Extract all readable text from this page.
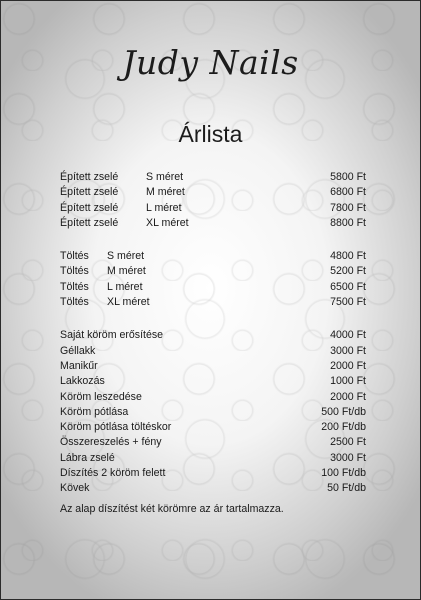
Judy Nails
Árlista
Épített zselé	S méret	5800 Ft
Épített zselé	M méret	6800 Ft
Épített zselé	L méret	7800 Ft
Épített zselé	XL méret	8800 Ft
Töltés S méret	4800 Ft
Töltés M méret	5200 Ft
Töltés L méret	6500 Ft
Töltés XL méret	7500 Ft
Saját köröm erősítése	4000 Ft
Géllakk	3000 Ft
Manikűr	2000 Ft
Lakkozás	1000 Ft
Köröm leszedése	2000 Ft
Köröm pótlása	500 Ft/db
Köröm pótlása töltéskor	200 Ft/db
Összereszelés + fény	2500 Ft
Lábra zselé	3000 Ft
Díszítés 2 köröm felett	100 Ft/db
Kövek	50 Ft/db
Az alap díszítést két körömre az ár tartalmazza.
